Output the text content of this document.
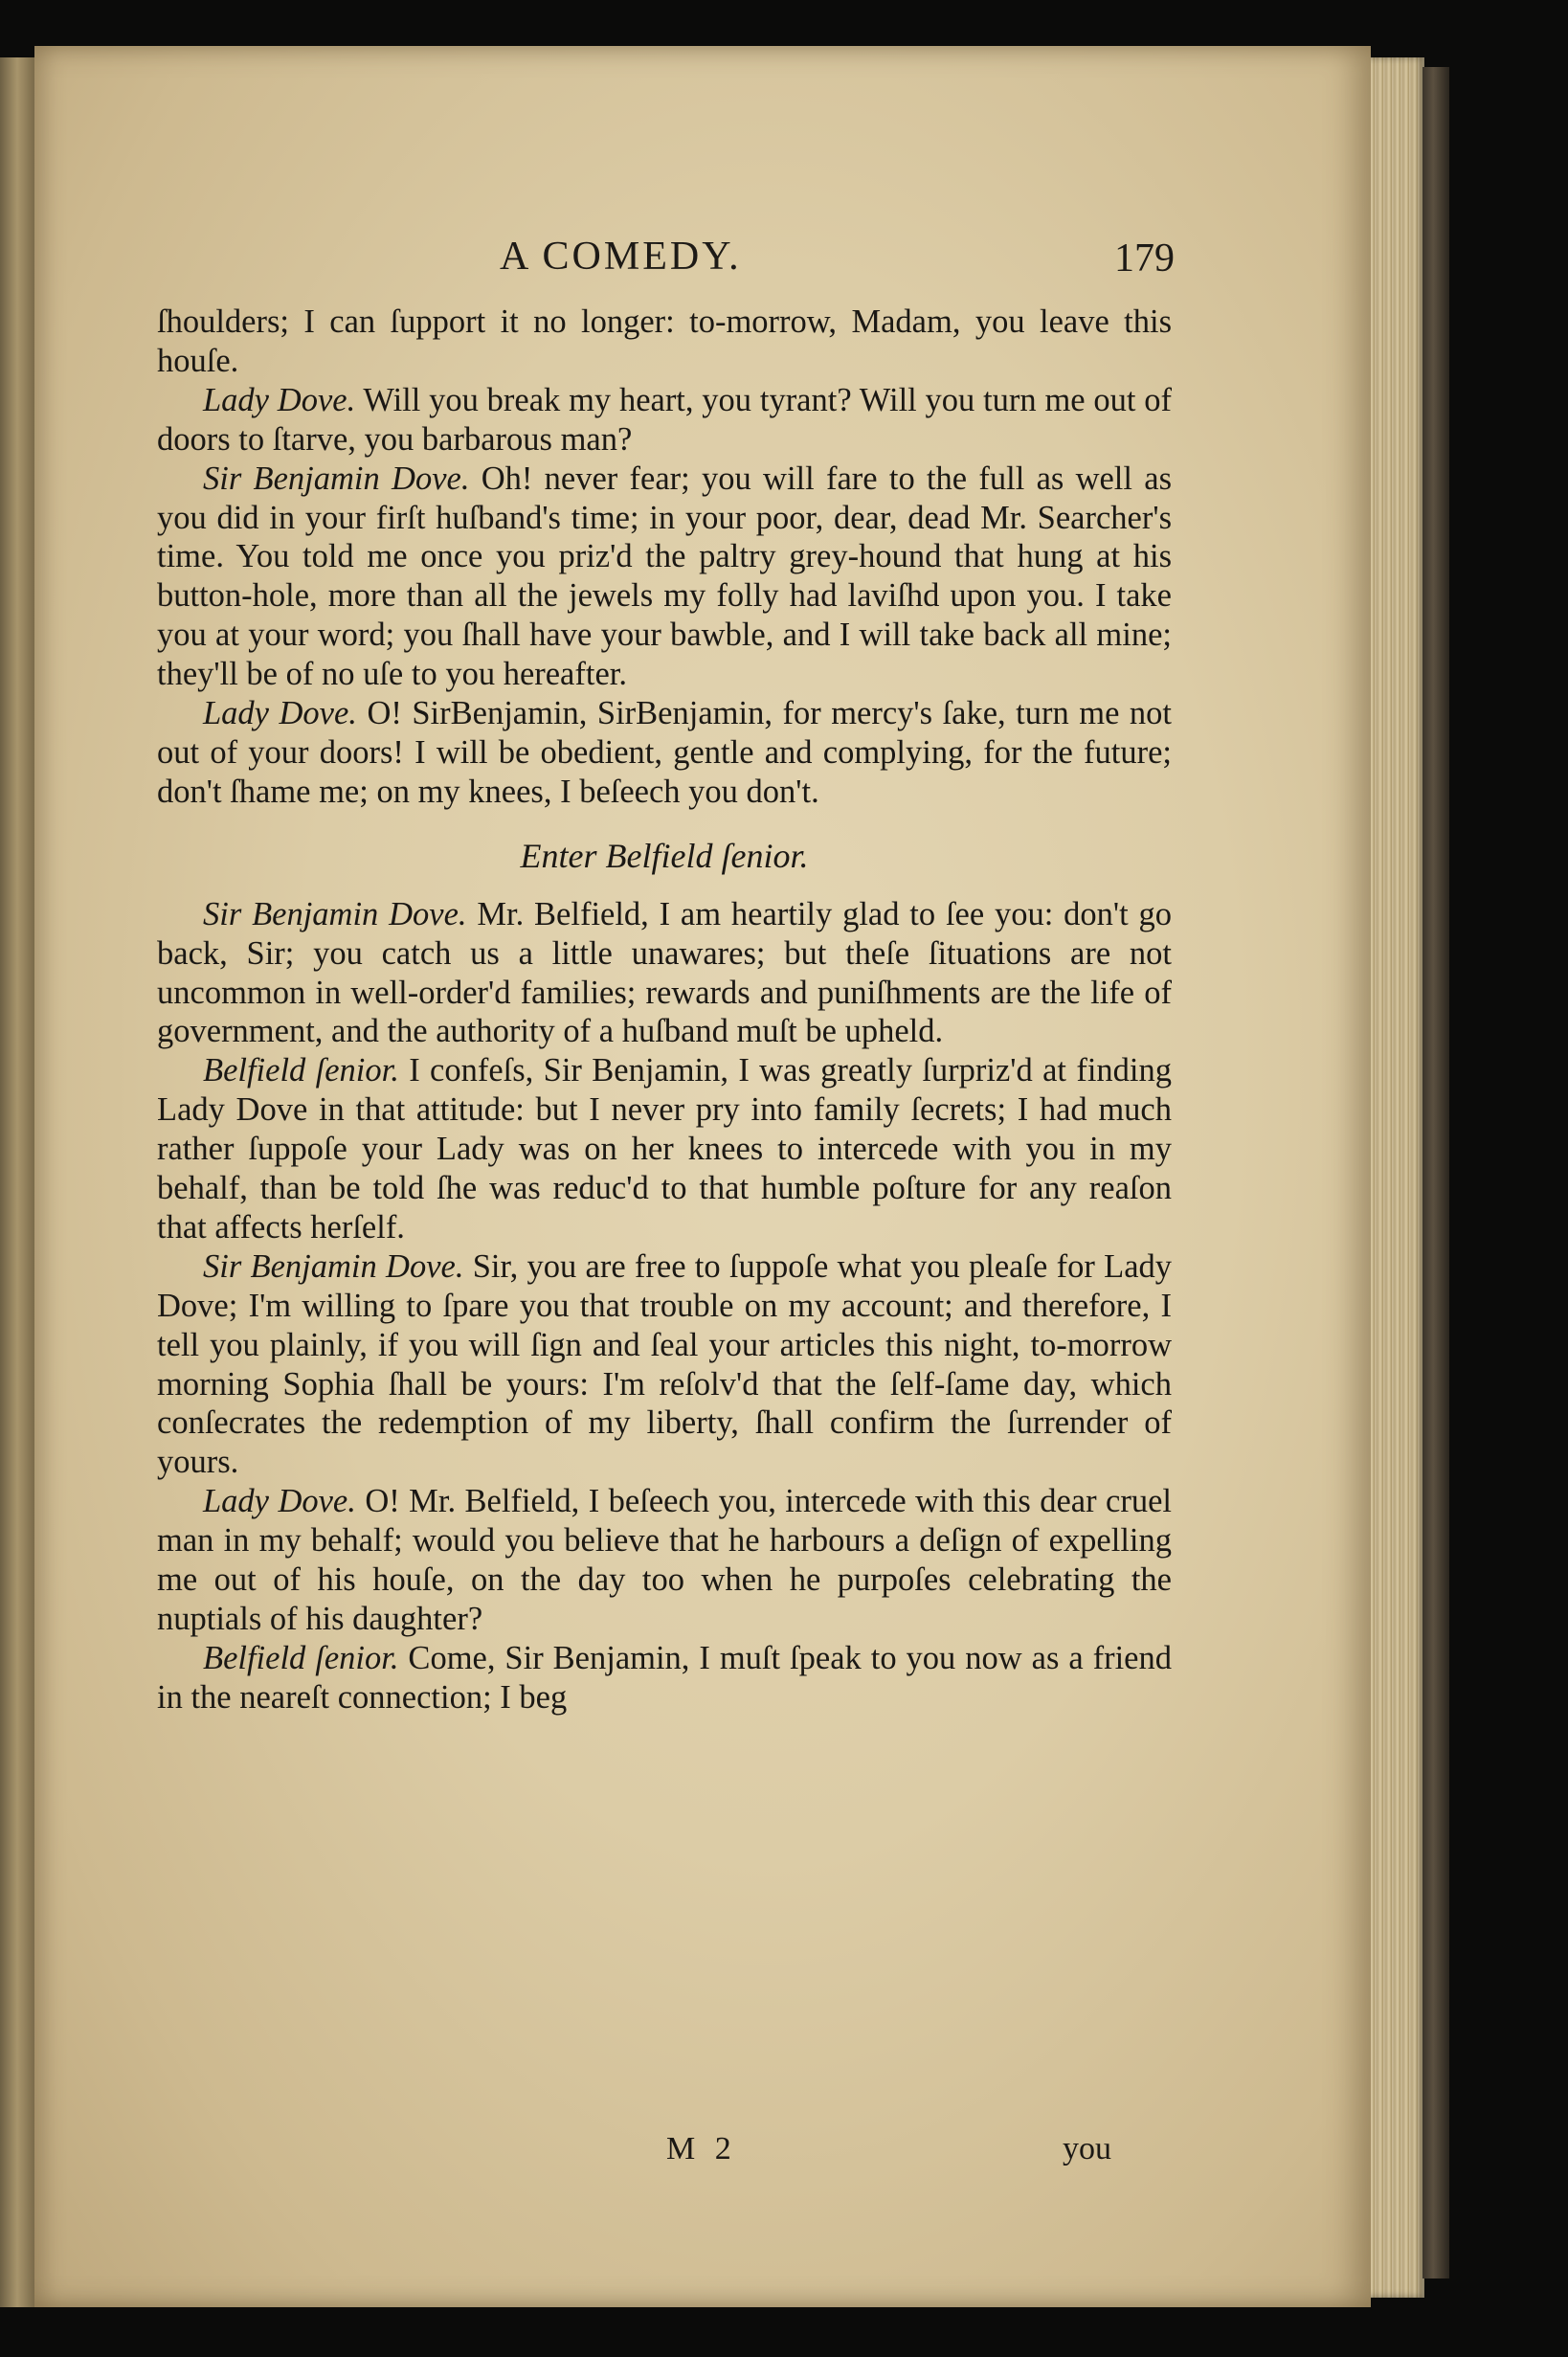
A COMEDY.	179

ſhoulders; I can ſupport it no longer: to-morrow, Madam, you leave this houſe.

Lady Dove. Will you break my heart, you tyrant? Will you turn me out of doors to ſtarve, you barbarous man?

Sir Benjamin Dove. Oh! never fear; you will fare to the full as well as you did in your firſt huſband's time; in your poor, dear, dead Mr. Searcher's time. You told me once you priz'd the paltry grey-hound that hung at his button-hole, more than all the jewels my folly had laviſhd upon you. I take you at your word; you ſhall have your bawble, and I will take back all mine; they'll be of no uſe to you hereafter.

Lady Dove. O! SirBenjamin, SirBenjamin, for mercy's ſake, turn me not out of your doors! I will be obedient, gentle and complying, for the future; don't ſhame me; on my knees, I beſeech you don't.

Enter Belfield ſenior.

Sir Benjamin Dove. Mr. Belfield, I am heartily glad to ſee you: don't go back, Sir; you catch us a little unawares; but theſe ſituations are not uncommon in well-order'd families; rewards and puniſhments are the life of government, and the authority of a huſband muſt be upheld.

Belfield ſenior. I confeſs, Sir Benjamin, I was greatly ſurpriz'd at finding Lady Dove in that attitude: but I never pry into family ſecrets; I had much rather ſuppoſe your Lady was on her knees to intercede with you in my behalf, than be told ſhe was reduc'd to that humble poſture for any reaſon that affects herſelf.

Sir Benjamin Dove. Sir, you are free to ſuppoſe what you pleaſe for Lady Dove; I'm willing to ſpare you that trouble on my account; and therefore, I tell you plainly, if you will ſign and ſeal your articles this night, to-morrow morning Sophia ſhall be yours: I'm reſolv'd that the ſelf-ſame day, which conſecrates the redemption of my liberty, ſhall confirm the ſurrender of yours.

Lady Dove. O! Mr. Belfield, I beſeech you, intercede with this dear cruel man in my behalf; would you believe that he harbours a deſign of expelling me out of his houſe, on the day too when he purpoſes celebrating the nuptials of his daughter?

Belfield ſenior. Come, Sir Benjamin, I muſt ſpeak to you now as a friend in the neareſt connection; I beg

M 2	you
